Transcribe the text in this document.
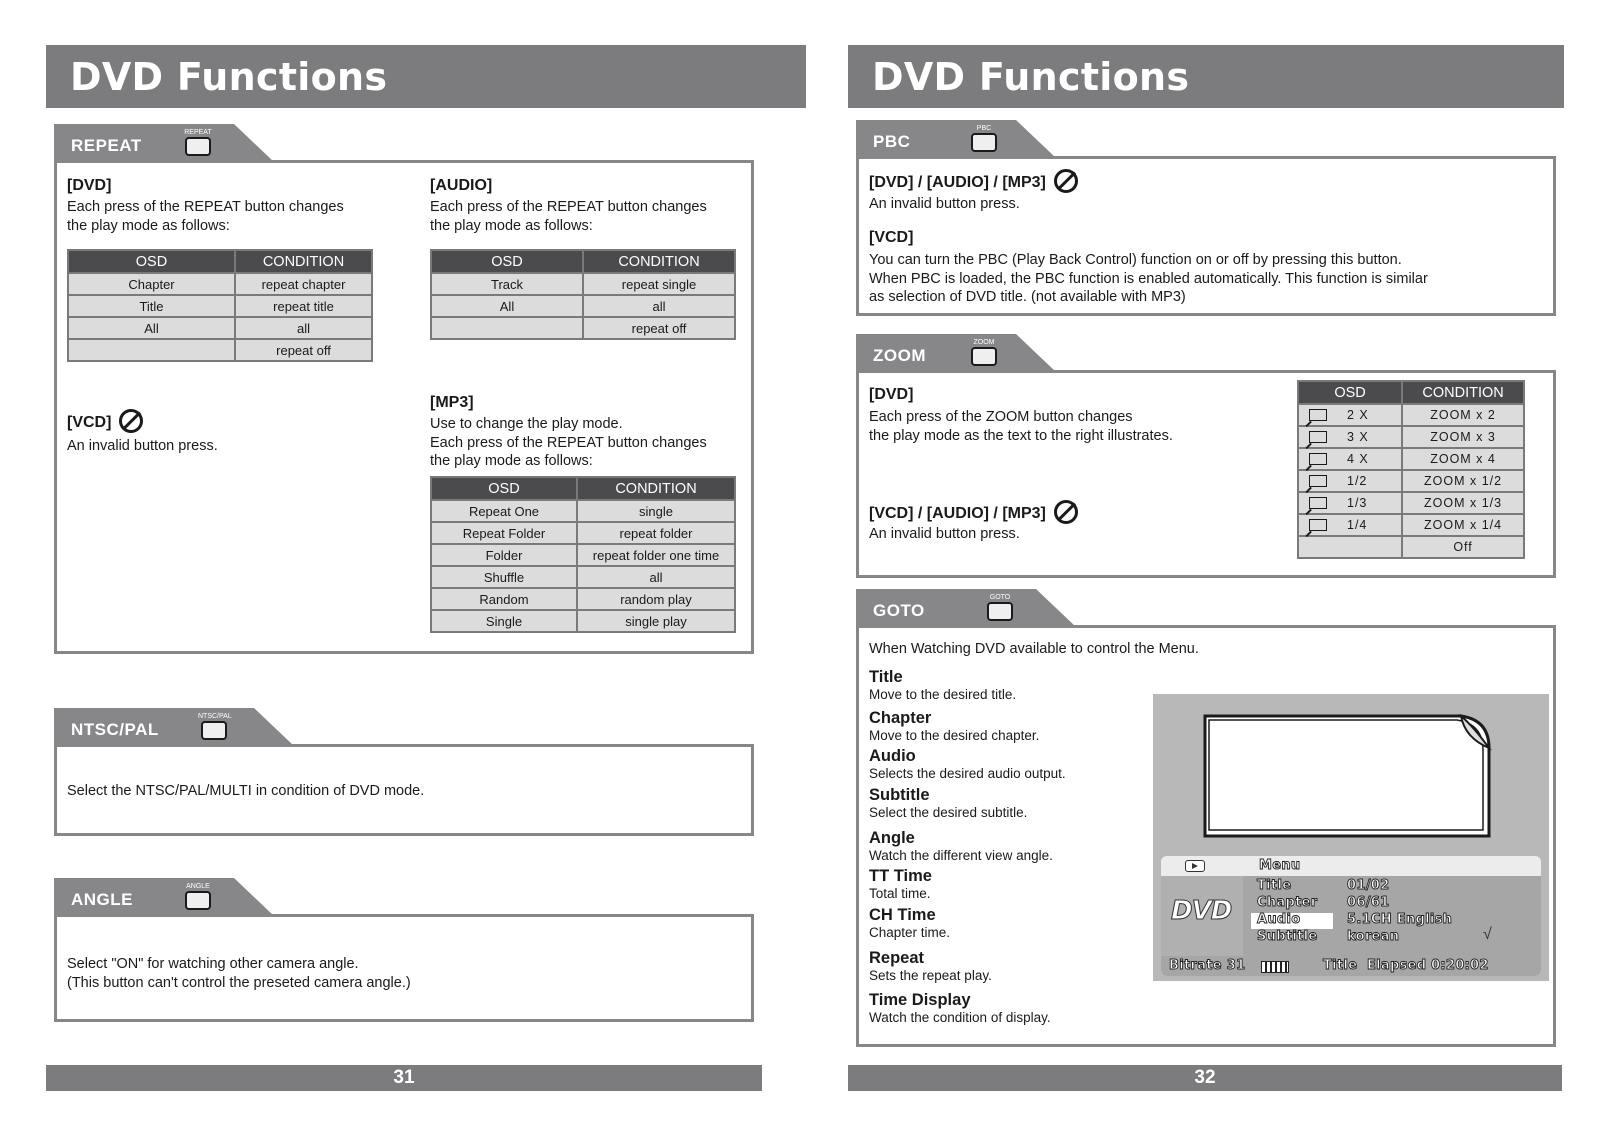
DVD Functions
REPEAT
REPEAT
[DVD]
Each press of the REPEAT button changes
the play mode as follows:
OSD	CONDITION
Chapter	repeat chapter
Title	repeat title
All	all
	repeat off
[VCD]
An invalid button press.
[AUDIO]
Each press of the REPEAT button changes
the play mode as follows:
OSD	CONDITION
Track	repeat single
All	all
	repeat off
[MP3]
Use to change the play mode.
Each press of the REPEAT button changes
the play mode as follows:
OSD	CONDITION
Repeat One	single
Repeat Folder	repeat folder
Folder	repeat folder one time
Shuffle	all
Random	random play
Single	single play
NTSC/PAL
NTSC/PAL
Select the NTSC/PAL/MULTI in condition of DVD mode.
ANGLE
ANGLE
Select "ON" for watching other camera angle.
(This button can't control the preseted camera angle.)
31
DVD Functions
PBC
PBC
[DVD] / [AUDIO] / [MP3]
An invalid button press.
[VCD]
You can turn the PBC (Play Back Control) function on or off by pressing this button.
When PBC is loaded, the PBC function is enabled automatically. This function is similar
as selection of DVD title. (not available with MP3)
ZOOM
ZOOM
[DVD]
Each press of the ZOOM button changes
the play mode as the text to the right illustrates.
[VCD] / [AUDIO] / [MP3]
An invalid button press.
OSD	CONDITION
2 X	ZOOM x 2
3 X	ZOOM x 3
4 X	ZOOM x 4
1/2	ZOOM x 1/2
1/3	ZOOM x 1/3
1/4	ZOOM x 1/4
	Off
GOTO
GOTO
When Watching DVD available to control the Menu.
Title
Move to the desired title.
Chapter
Move to the desired chapter.
Audio
Selects the desired audio output.
Subtitle
Select the desired subtitle.
Angle
Watch the different view angle.
TT Time
Total time.
CH Time
Chapter time.
Repeat
Sets the repeat play.
Time Display
Watch the condition of display.
32
Menu
DVD
Title
Chapter
Audio
Subtitle
01/02
06/61
5.1CH English
korean	√
Bitrate 31	Title Elapsed 0:20:02
